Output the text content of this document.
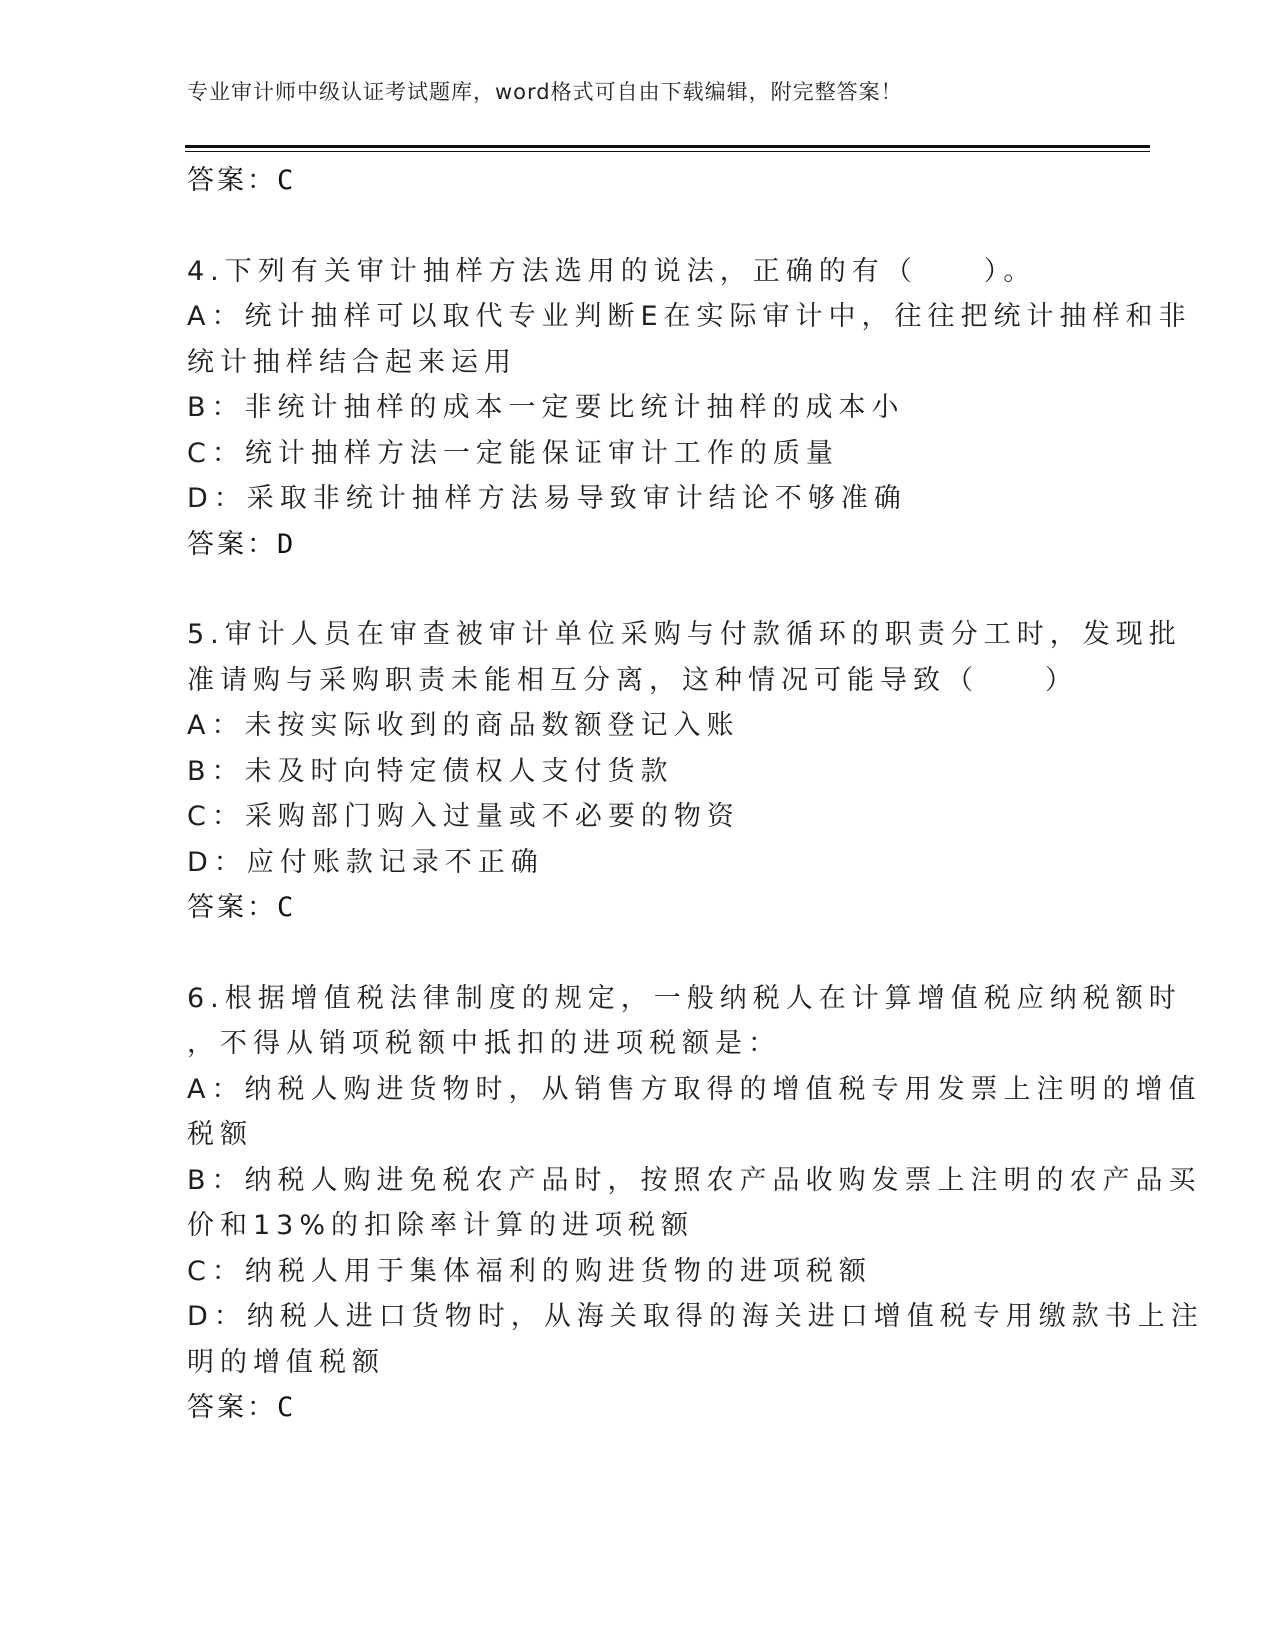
专业审计师中级认证考试题库，word格式可自由下载编辑，附完整答案！
答案：C
4.下列有关审计抽样方法选用的说法，正确的有（　　）。
A：统计抽样可以取代专业判断E在实际审计中，往往把统计抽样和非
统计抽样结合起来运用
B：非统计抽样的成本一定要比统计抽样的成本小
C：统计抽样方法一定能保证审计工作的质量
D：采取非统计抽样方法易导致审计结论不够准确
答案：D
5.审计人员在审查被审计单位采购与付款循环的职责分工时，发现批
准请购与采购职责未能相互分离，这种情况可能导致（　　）
A：未按实际收到的商品数额登记入账
B：未及时向特定债权人支付货款
C：采购部门购入过量或不必要的物资
D：应付账款记录不正确
答案：C
6.根据增值税法律制度的规定，一般纳税人在计算增值税应纳税额时
，不得从销项税额中抵扣的进项税额是：
A：纳税人购进货物时，从销售方取得的增值税专用发票上注明的增值
税额
B：纳税人购进免税农产品时，按照农产品收购发票上注明的农产品买
价和13%的扣除率计算的进项税额
C：纳税人用于集体福利的购进货物的进项税额
D：纳税人进口货物时，从海关取得的海关进口增值税专用缴款书上注
明的增值税额
答案：C
